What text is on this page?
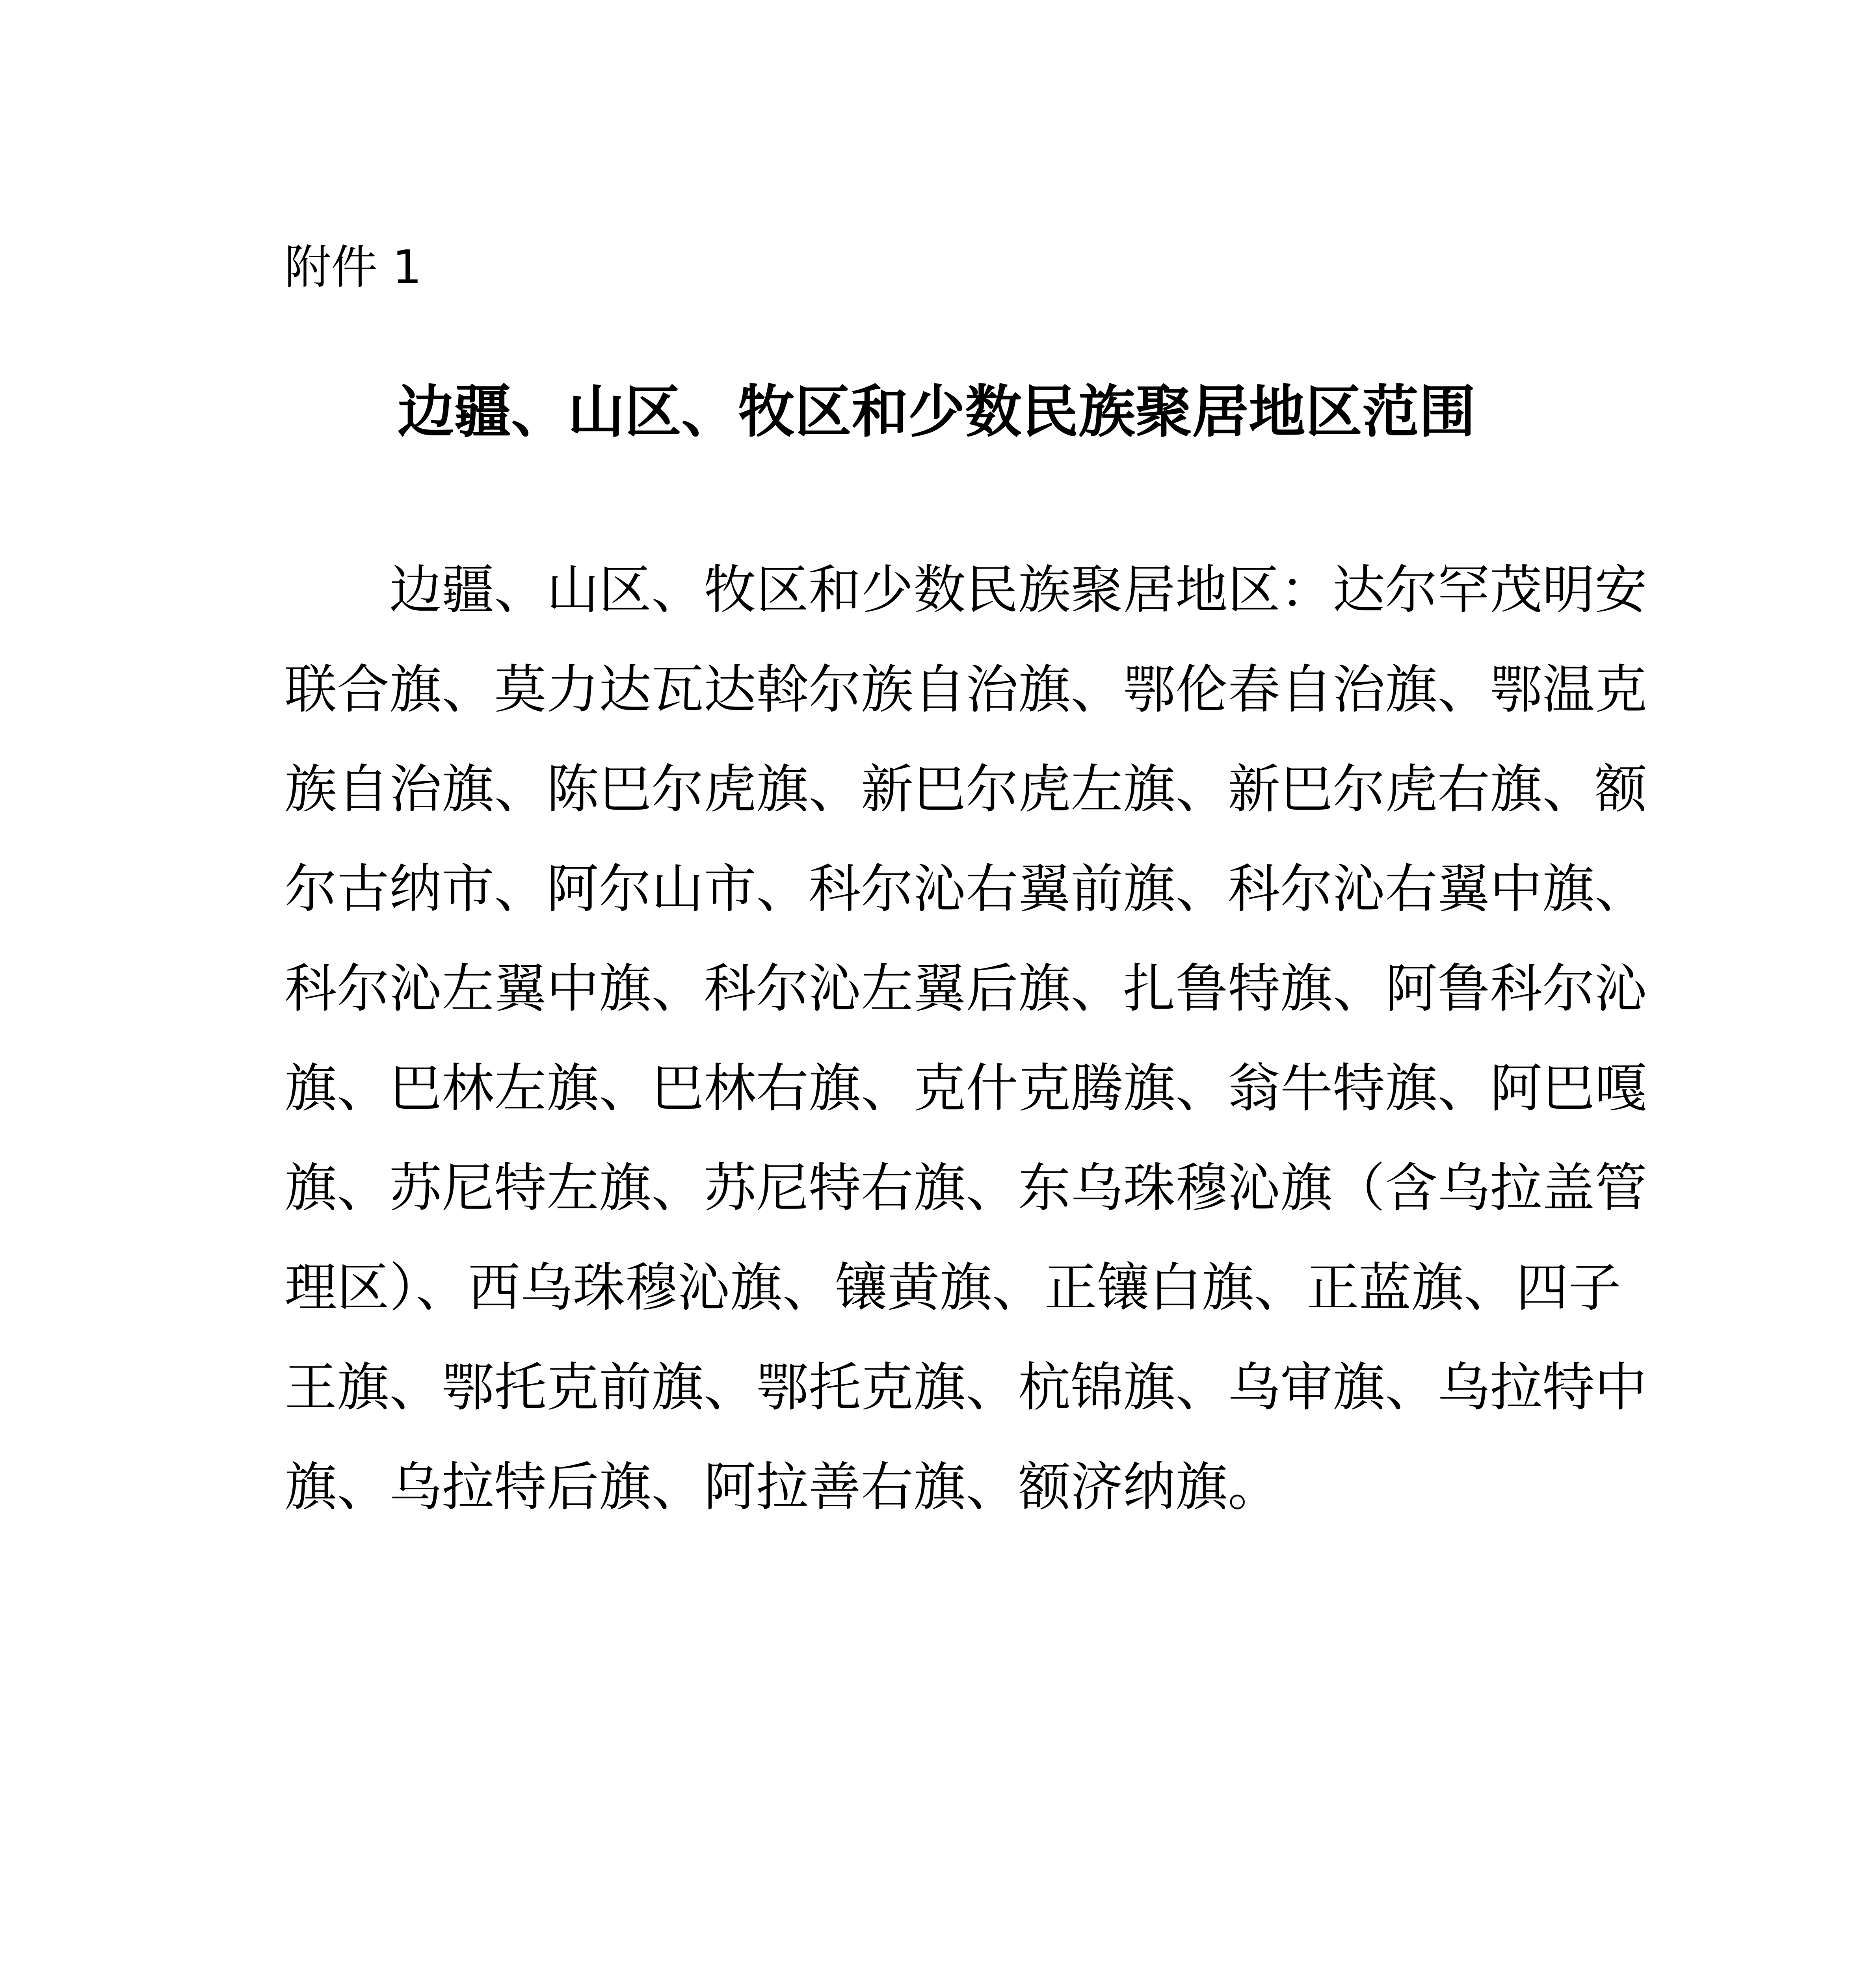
附件 1
边疆、山区、牧区和少数民族聚居地区范围
边疆、山区、牧区和少数民族聚居地区：达尔罕茂明安
联合旗、莫力达瓦达斡尔族自治旗、鄂伦春自治旗、鄂温克
族自治旗、陈巴尔虎旗、新巴尔虎左旗、新巴尔虎右旗、额
尔古纳市、阿尔山市、科尔沁右翼前旗、科尔沁右翼中旗、
科尔沁左翼中旗、科尔沁左翼后旗、扎鲁特旗、阿鲁科尔沁
旗、巴林左旗、巴林右旗、克什克腾旗、翁牛特旗、阿巴嘎
旗、苏尼特左旗、苏尼特右旗、东乌珠穆沁旗（含乌拉盖管
理区）、西乌珠穆沁旗、镶黄旗、正镶白旗、正蓝旗、四子
王旗、鄂托克前旗、鄂托克旗、杭锦旗、乌审旗、乌拉特中
旗、乌拉特后旗、阿拉善右旗、额济纳旗。
